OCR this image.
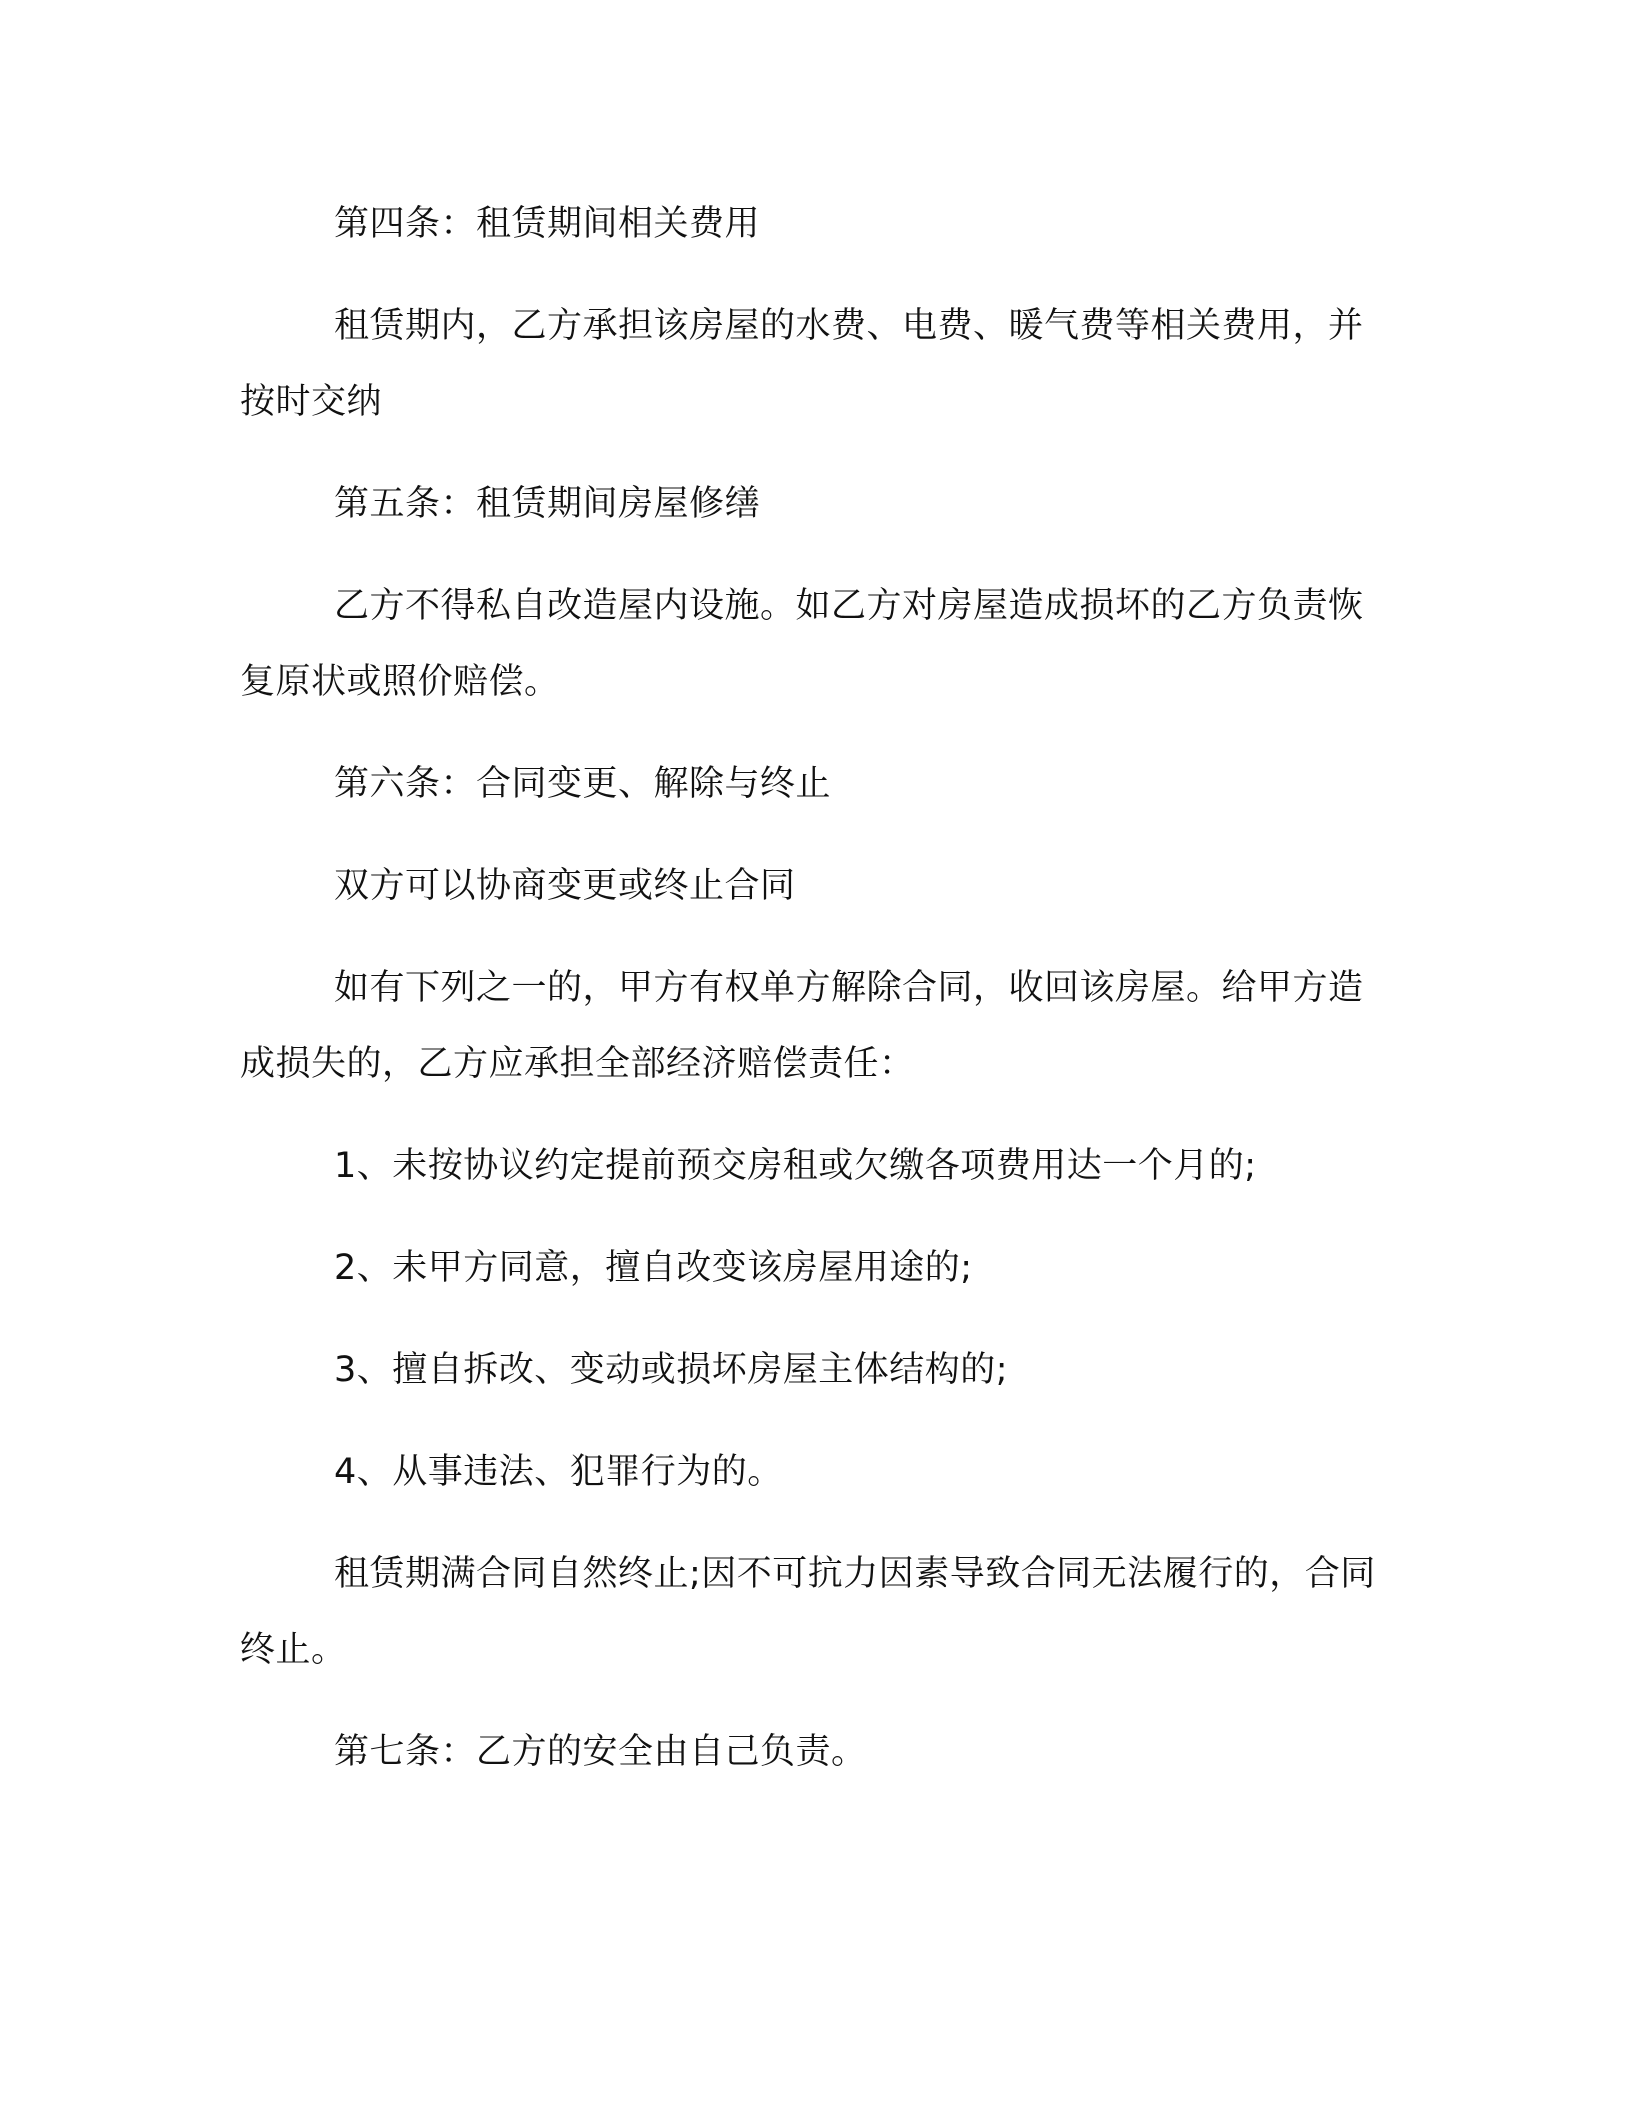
第四条：租赁期间相关费用

租赁期内，乙方承担该房屋的水费、电费、暖气费等相关费用，并按时交纳

第五条：租赁期间房屋修缮

乙方不得私自改造屋内设施。如乙方对房屋造成损坏的乙方负责恢复原状或照价赔偿。

第六条：合同变更、解除与终止

双方可以协商变更或终止合同

如有下列之一的，甲方有权单方解除合同，收回该房屋。给甲方造成损失的，乙方应承担全部经济赔偿责任：

1、未按协议约定提前预交房租或欠缴各项费用达一个月的;

2、未甲方同意，擅自改变该房屋用途的;

3、擅自拆改、变动或损坏房屋主体结构的;

4、从事违法、犯罪行为的。

租赁期满合同自然终止;因不可抗力因素导致合同无法履行的，合同终止。

第七条：乙方的安全由自己负责。
